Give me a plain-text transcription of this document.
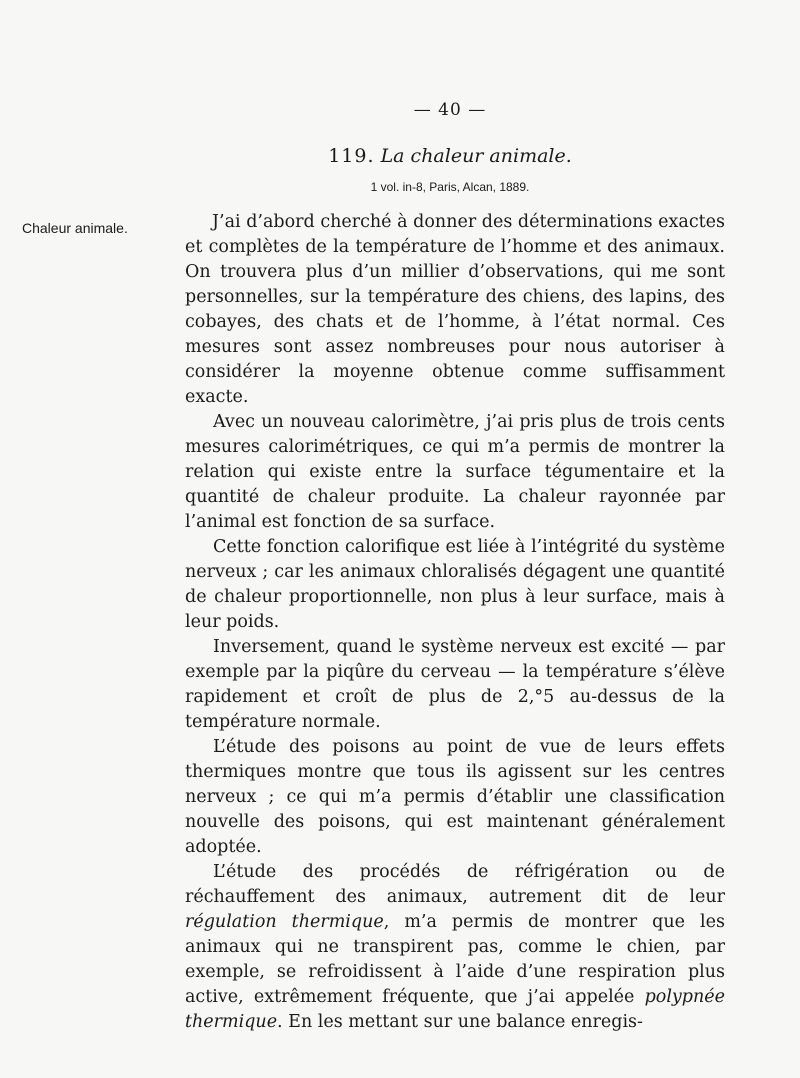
— 40 —
119. La chaleur animale.
1 vol. in-8, Paris, Alcan, 1889.
Chaleur animale.	J’ai d’abord cherché à donner des déterminations exactes et complètes de la température de l’homme et des animaux. On trouvera plus d’un millier d’observations, qui me sont personnelles, sur la température des chiens, des lapins, des cobayes, des chats et de l’homme, à l’état normal. Ces mesures sont assez nombreuses pour nous autoriser à considérer la moyenne obtenue comme suffisamment exacte.

Avec un nouveau calorimètre, j’ai pris plus de trois cents mesures calorimétriques, ce qui m’a permis de montrer la relation qui existe entre la surface tégumentaire et la quantité de chaleur produite. La chaleur rayonnée par l’animal est fonction de sa surface.

Cette fonction calorifique est liée à l’intégrité du système nerveux ; car les animaux chloralisés dégagent une quantité de chaleur proportionnelle, non plus à leur surface, mais à leur poids.

Inversement, quand le système nerveux est excité — par exemple par la piqûre du cerveau — la température s’élève rapidement et croît de plus de 2,°5 au-dessus de la température normale.

L’étude des poisons au point de vue de leurs effets thermiques montre que tous ils agissent sur les centres nerveux ; ce qui m’a permis d’établir une classification nouvelle des poisons, qui est maintenant généralement adoptée.

L’étude des procédés de réfrigération ou de réchauffement des animaux, autrement dit de leur régulation thermique, m’a permis de montrer que les animaux qui ne transpirent pas, comme le chien, par exemple, se refroidissent à l’aide d’une respiration plus active, extrêmement fréquente, que j’ai appelée polypnée thermique. En les mettant sur une balance enregis-
